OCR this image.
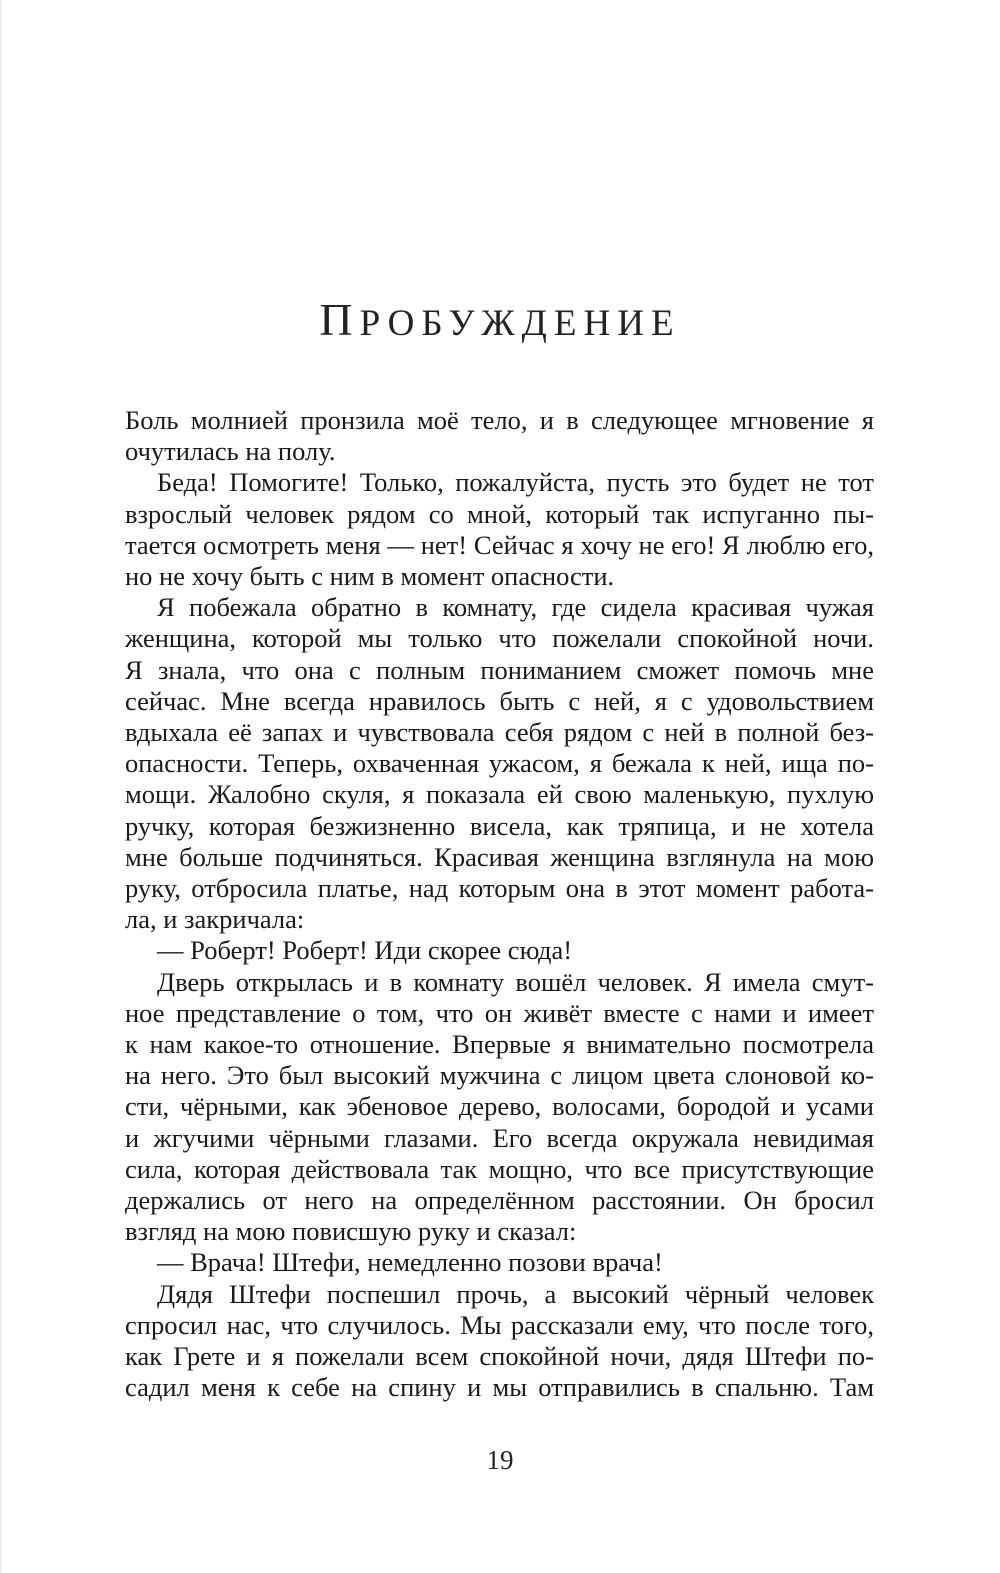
ПРОБУЖДЕНИЕ
Боль молнией пронзила моё тело, и в следующее мгновение я
очутилась на полу.
Беда! Помогите! Только, пожалуйста, пусть это будет не тот
взрослый человек рядом со мной, который так испуганно пы-
тается осмотреть меня — нет! Сейчас я хочу не его! Я люблю его,
но не хочу быть с ним в момент опасности.
Я побежала обратно в комнату, где сидела красивая чужая
женщина, которой мы только что пожелали спокойной ночи.
Я знала, что она с полным пониманием сможет помочь мне
сейчас. Мне всегда нравилось быть с ней, я с удовольствием
вдыхала её запах и чувствовала себя рядом с ней в полной без-
опасности. Теперь, охваченная ужасом, я бежала к ней, ища по-
мощи. Жалобно скуля, я показала ей свою маленькую, пухлую
ручку, которая безжизненно висела, как тряпица, и не хотела
мне больше подчиняться. Красивая женщина взглянула на мою
руку, отбросила платье, над которым она в этот момент работа-
ла, и закричала:
— Роберт! Роберт! Иди скорее сюда!
Дверь открылась и в комнату вошёл человек. Я имела смут-
ное представление о том, что он живёт вместе с нами и имеет
к нам какое-то отношение. Впервые я внимательно посмотрела
на него. Это был высокий мужчина с лицом цвета слоновой ко-
сти, чёрными, как эбеновое дерево, волосами, бородой и усами
и жгучими чёрными глазами. Его всегда окружала невидимая
сила, которая действовала так мощно, что все присутствующие
держались от него на определённом расстоянии. Он бросил
взгляд на мою повисшую руку и сказал:
— Врача! Штефи, немедленно позови врача!
Дядя Штефи поспешил прочь, а высокий чёрный человек
спросил нас, что случилось. Мы рассказали ему, что после того,
как Грете и я пожелали всем спокойной ночи, дядя Штефи по-
садил меня к себе на спину и мы отправились в спальню. Там
19
